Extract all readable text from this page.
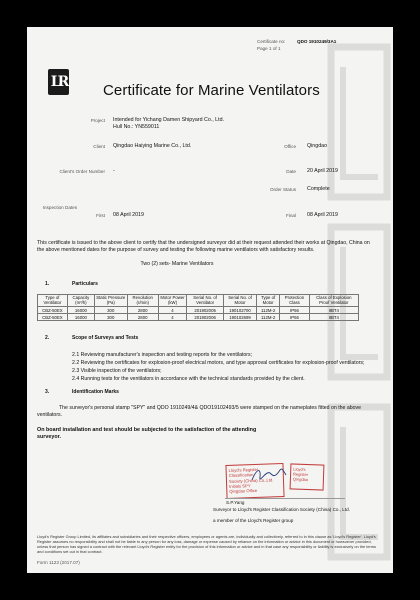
Certificate no:	QDO 1910249/3A1
Page 1 of 1
LR Certificate for Marine Ventilators
Project Intended for Yichang Damen Shipyard Co., Ltd.
Hull No.: YN559011
Client Qingdao Haiying Marine Co., Ltd.	Office Qingdao
Client's Order Number -	Date 20 April 2019
Order Status Complete
Inspection Dates
First 08 April 2019	Final 08 April 2019
This certificate is issued to the above client to certify that the undersigned surveyor did at their request attended their works at Qingdao, China on the above mentioned dates for the purpose of survey and testing the following marine ventilators with satisfactory results.
Two (2) sets- Marine Ventilators
1.	Particulars
Type of Ventilator	Capacity (m³/h)	Static Pressure (Pa)	Revolution (r/min)	Motor Power (kW)	Serial No. of Ventilator	Serial No. of Motor	Type of Motor	Protection Class	Class of Explosion Proof Ventilator
CBZ-50EX	16000	300	2800	4	201902005	190102700	112M-2	IP56	IIBT4
CBZ-50EX	16000	300	2800	4	201902006	190102699	112M-2	IP56	IIBT4
2.	Scope of Surveys and Tests
2.1 Reviewing manufacturer's inspection and testing reports for the ventilators;
2.2 Reviewing the certificates for explosion-proof electrical motors, and type approval certificates for explosion-proof ventilators;
2.3 Visible inspection of the ventilators;
2.4 Running tests for the ventilators in accordance with the technical standards provided by the client.
3.	Identification Marks
The surveyor's personal stamp "SPY" and QDO 1910249/4& QDO19102493/5 were stamped on the nameplates fitted on the above ventilators.
On board installation and test should be subjected to the satisfaction of the attending surveyor.
Lloyd's Register Classification
Society (China) Co.,Ltd.
Initials SPY
Qingdao Office
Lloyd's
Register
Qingdao
S.P.Yang
Surveyor to Lloyd's Register Classification Society (China) Co., Ltd.
a member of the Lloyd's Register group
Lloyd's Register Group Limited, its affiliates and subsidiaries and their respective officers, employees or agents are, individually and collectively, referred to in this clause as 'Lloyd's Register'. Lloyd's Register assumes no responsibility and shall not be liable to any person for any loss, damage or expense caused by reliance on the information or advice in this document or howsoever provided, unless that person has signed a contract with the relevant Lloyd's Register entity for the provision of this information or advice and in that case any responsibility or liability is exclusively on the terms and conditions set out in that contract.
Form 1123 (2017.07)
